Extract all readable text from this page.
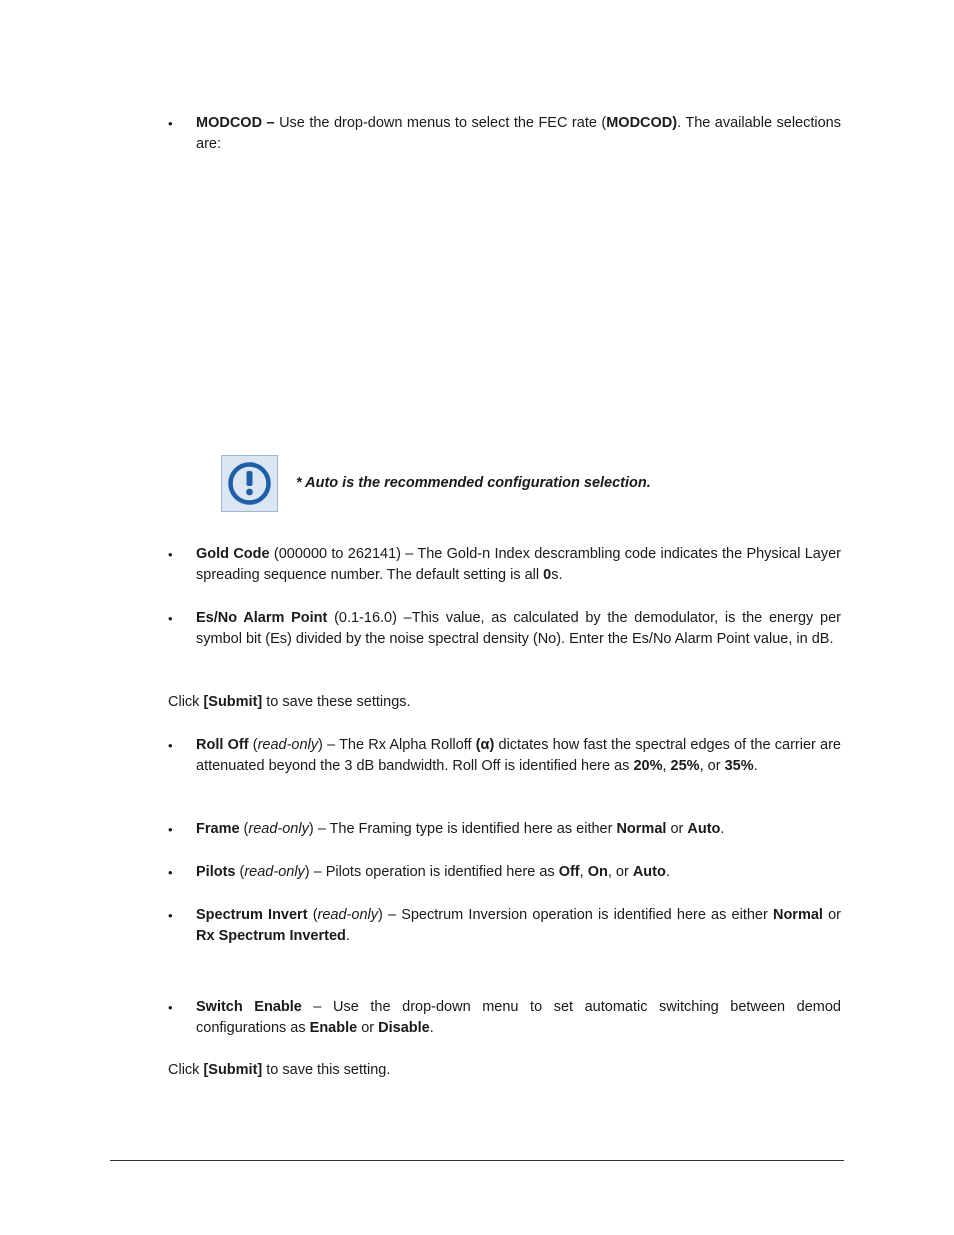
• MODCOD – Use the drop-down menus to select the FEC rate (MODCOD). The available selections are:
* Auto is the recommended configuration selection.
• Gold Code (000000 to 262141) – The Gold-n Index descrambling code indicates the Physical Layer spreading sequence number. The default setting is all 0s.
• Es/No Alarm Point (0.1-16.0) –This value, as calculated by the demodulator, is the energy per symbol bit (Es) divided by the noise spectral density (No). Enter the Es/No Alarm Point value, in dB.
Click [Submit] to save these settings.
• Roll Off (read-only) – The Rx Alpha Rolloff (α) dictates how fast the spectral edges of the carrier are attenuated beyond the 3 dB bandwidth. Roll Off is identified here as 20%, 25%, or 35%.
• Frame (read-only) – The Framing type is identified here as either Normal or Auto.
• Pilots (read-only) – Pilots operation is identified here as Off, On, or Auto.
• Spectrum Invert (read-only) – Spectrum Inversion operation is identified here as either Normal or Rx Spectrum Inverted.
• Switch Enable – Use the drop-down menu to set automatic switching between demod configurations as Enable or Disable.
Click [Submit] to save this setting.
